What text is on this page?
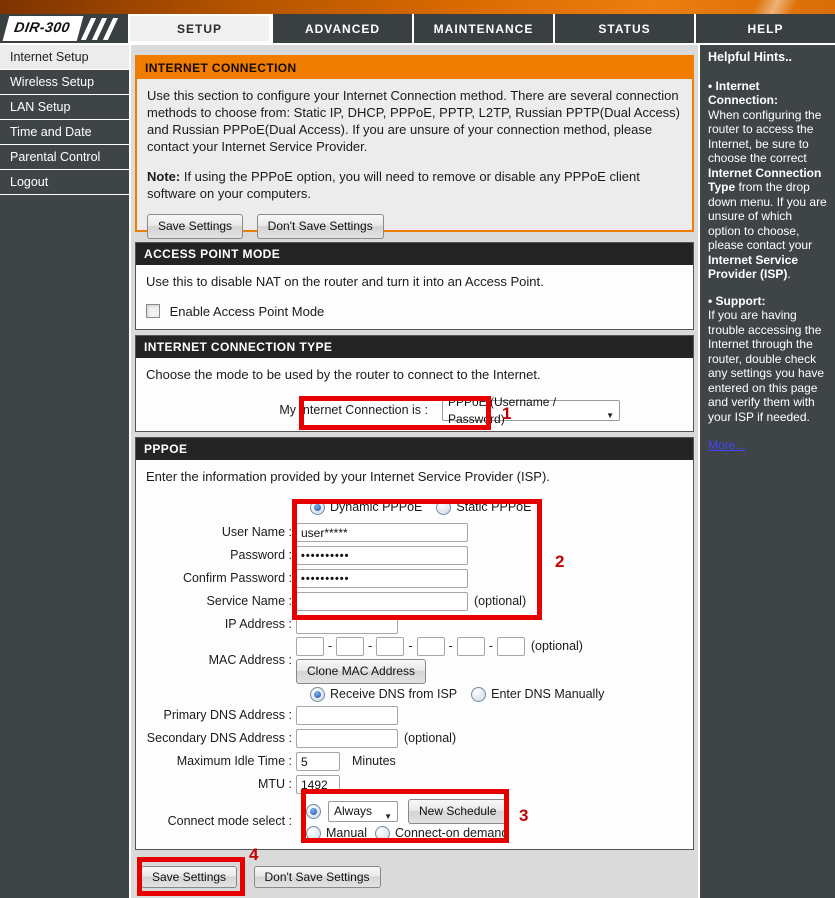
DIR-300	SETUP	ADVANCED	MAINTENANCE	STATUS	HELP
Internet Setup
Wireless Setup
LAN Setup
Time and Date
Parental Control
Logout
INTERNET CONNECTION
Use this section to configure your Internet Connection method. There are several connection methods to choose from: Static IP, DHCP, PPPoE, PPTP, L2TP, Russian PPTP(Dual Access) and Russian PPPoE(Dual Access). If you are unsure of your connection method, please contact your Internet Service Provider.
Note: If using the PPPoE option, you will need to remove or disable any PPPoE client software on your computers.
Save Settings	Don't Save Settings
ACCESS POINT MODE
Use this to disable NAT on the router and turn it into an Access Point.
Enable Access Point Mode
INTERNET CONNECTION TYPE
Choose the mode to be used by the router to connect to the Internet.
My Internet Connection is :
PPPoE (Username / Password)
▼
PPPOE
Enter the information provided by your Internet Service Provider (ISP).
Dynamic PPPoE	Static PPPoE
User Name :
user*****
Password :
••••••••••
Confirm Password :
••••••••••
Service Name :	(optional)
IP Address :
MAC Address :
-	-	-	-	-	(optional)
Clone MAC Address
Receive DNS from ISP	Enter DNS Manually
Primary DNS Address :
Secondary DNS Address :	(optional)
Maximum Idle Time :
5	Minutes
MTU :
1492
Connect mode select :
Always
▼	New Schedule
Manual Connect-on demand
Save Settings	Don't Save Settings
Helpful Hints..
• Internet Connection:
When configuring the router to access the Internet, be sure to choose the correct Internet Connection Type from the drop down menu. If you are unsure of which option to choose, please contact your Internet Service Provider (ISP).
• Support:
If you are having trouble accessing the Internet through the router, double check any settings you have entered on this page and verify them with your ISP if needed.
More...
1
2
3
4
